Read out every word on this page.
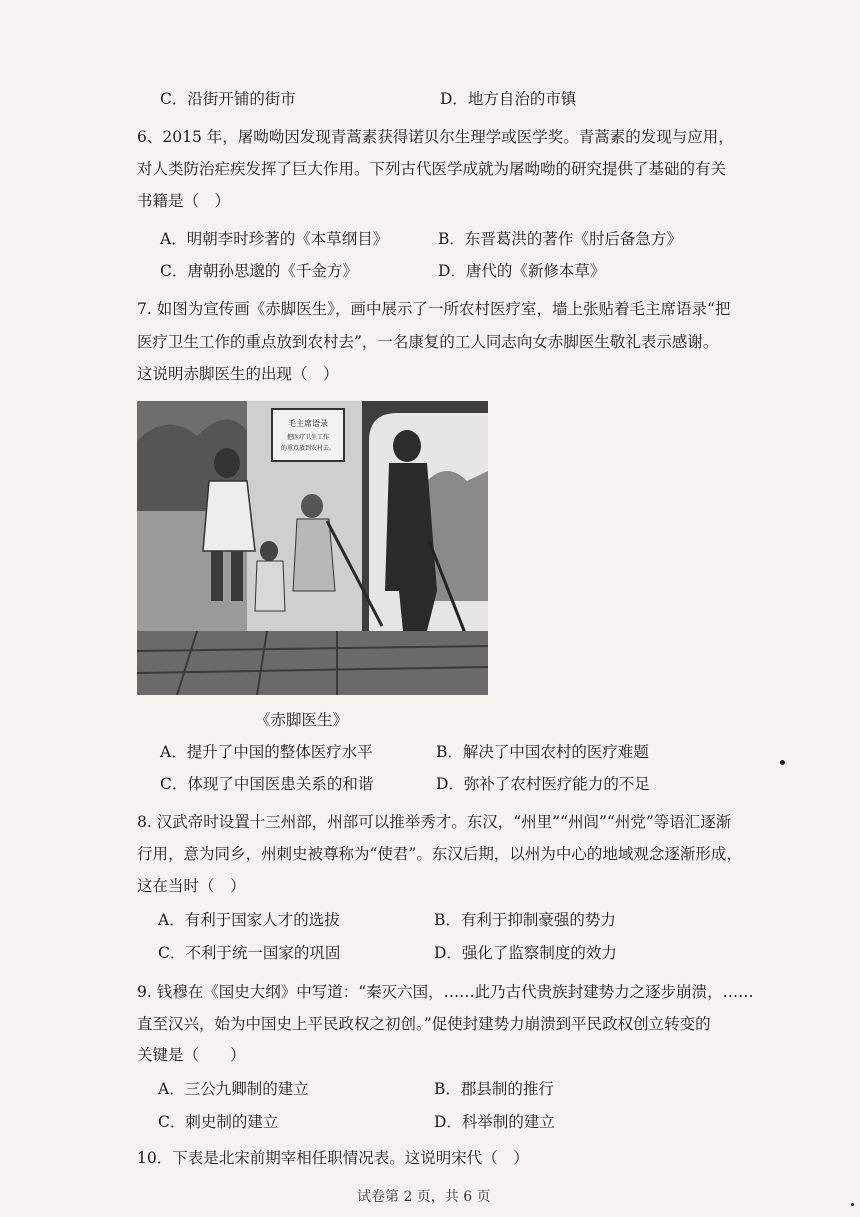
C．沿街开铺的街市	D．地方自治的市镇
6、2015 年，屠呦呦因发现青蒿素获得诺贝尔生理学或医学奖。青蒿素的发现与应用，
对人类防治疟疾发挥了巨大作用。下列古代医学成就为屠呦呦的研究提供了基础的有关
书籍是（　）
A．明朝李时珍著的《本草纲目》	B．东晋葛洪的著作《肘后备急方》
C．唐朝孙思邈的《千金方》	D．唐代的《新修本草》
7. 如图为宣传画《赤脚医生》，画中展示了一所农村医疗室，墙上张贴着毛主席语录“把
医疗卫生工作的重点放到农村去”，一名康复的工人同志向女赤脚医生敬礼表示感谢。
这说明赤脚医生的出现（　）
毛主席语录
把医疗卫生工作
的重点放到农村去。
《赤脚医生》
A．提升了中国的整体医疗水平	B．解决了中国农村的医疗难题
C．体现了中国医患关系的和谐	D．弥补了农村医疗能力的不足
8. 汉武帝时设置十三州部，州部可以推举秀才。东汉，“州里”“州闾”“州党”等语汇逐渐
行用，意为同乡，州刺史被尊称为“使君”。东汉后期，以州为中心的地域观念逐渐形成，
这在当时（　）
A．有利于国家人才的选拔	B．有利于抑制豪强的势力
C．不利于统一国家的巩固	D．强化了监察制度的效力
9. 钱穆在《国史大纲》中写道：“秦灭六国，……此乃古代贵族封建势力之逐步崩溃，……
直至汉兴，始为中国史上平民政权之初创。”促使封建势力崩溃到平民政权创立转变的
关键是（　　）
A．三公九卿制的建立	B．郡县制的推行
C．刺史制的建立	D．科举制的建立
10．下表是北宋前期宰相任职情况表。这说明宋代（　）
试卷第 2 页，共 6 页
